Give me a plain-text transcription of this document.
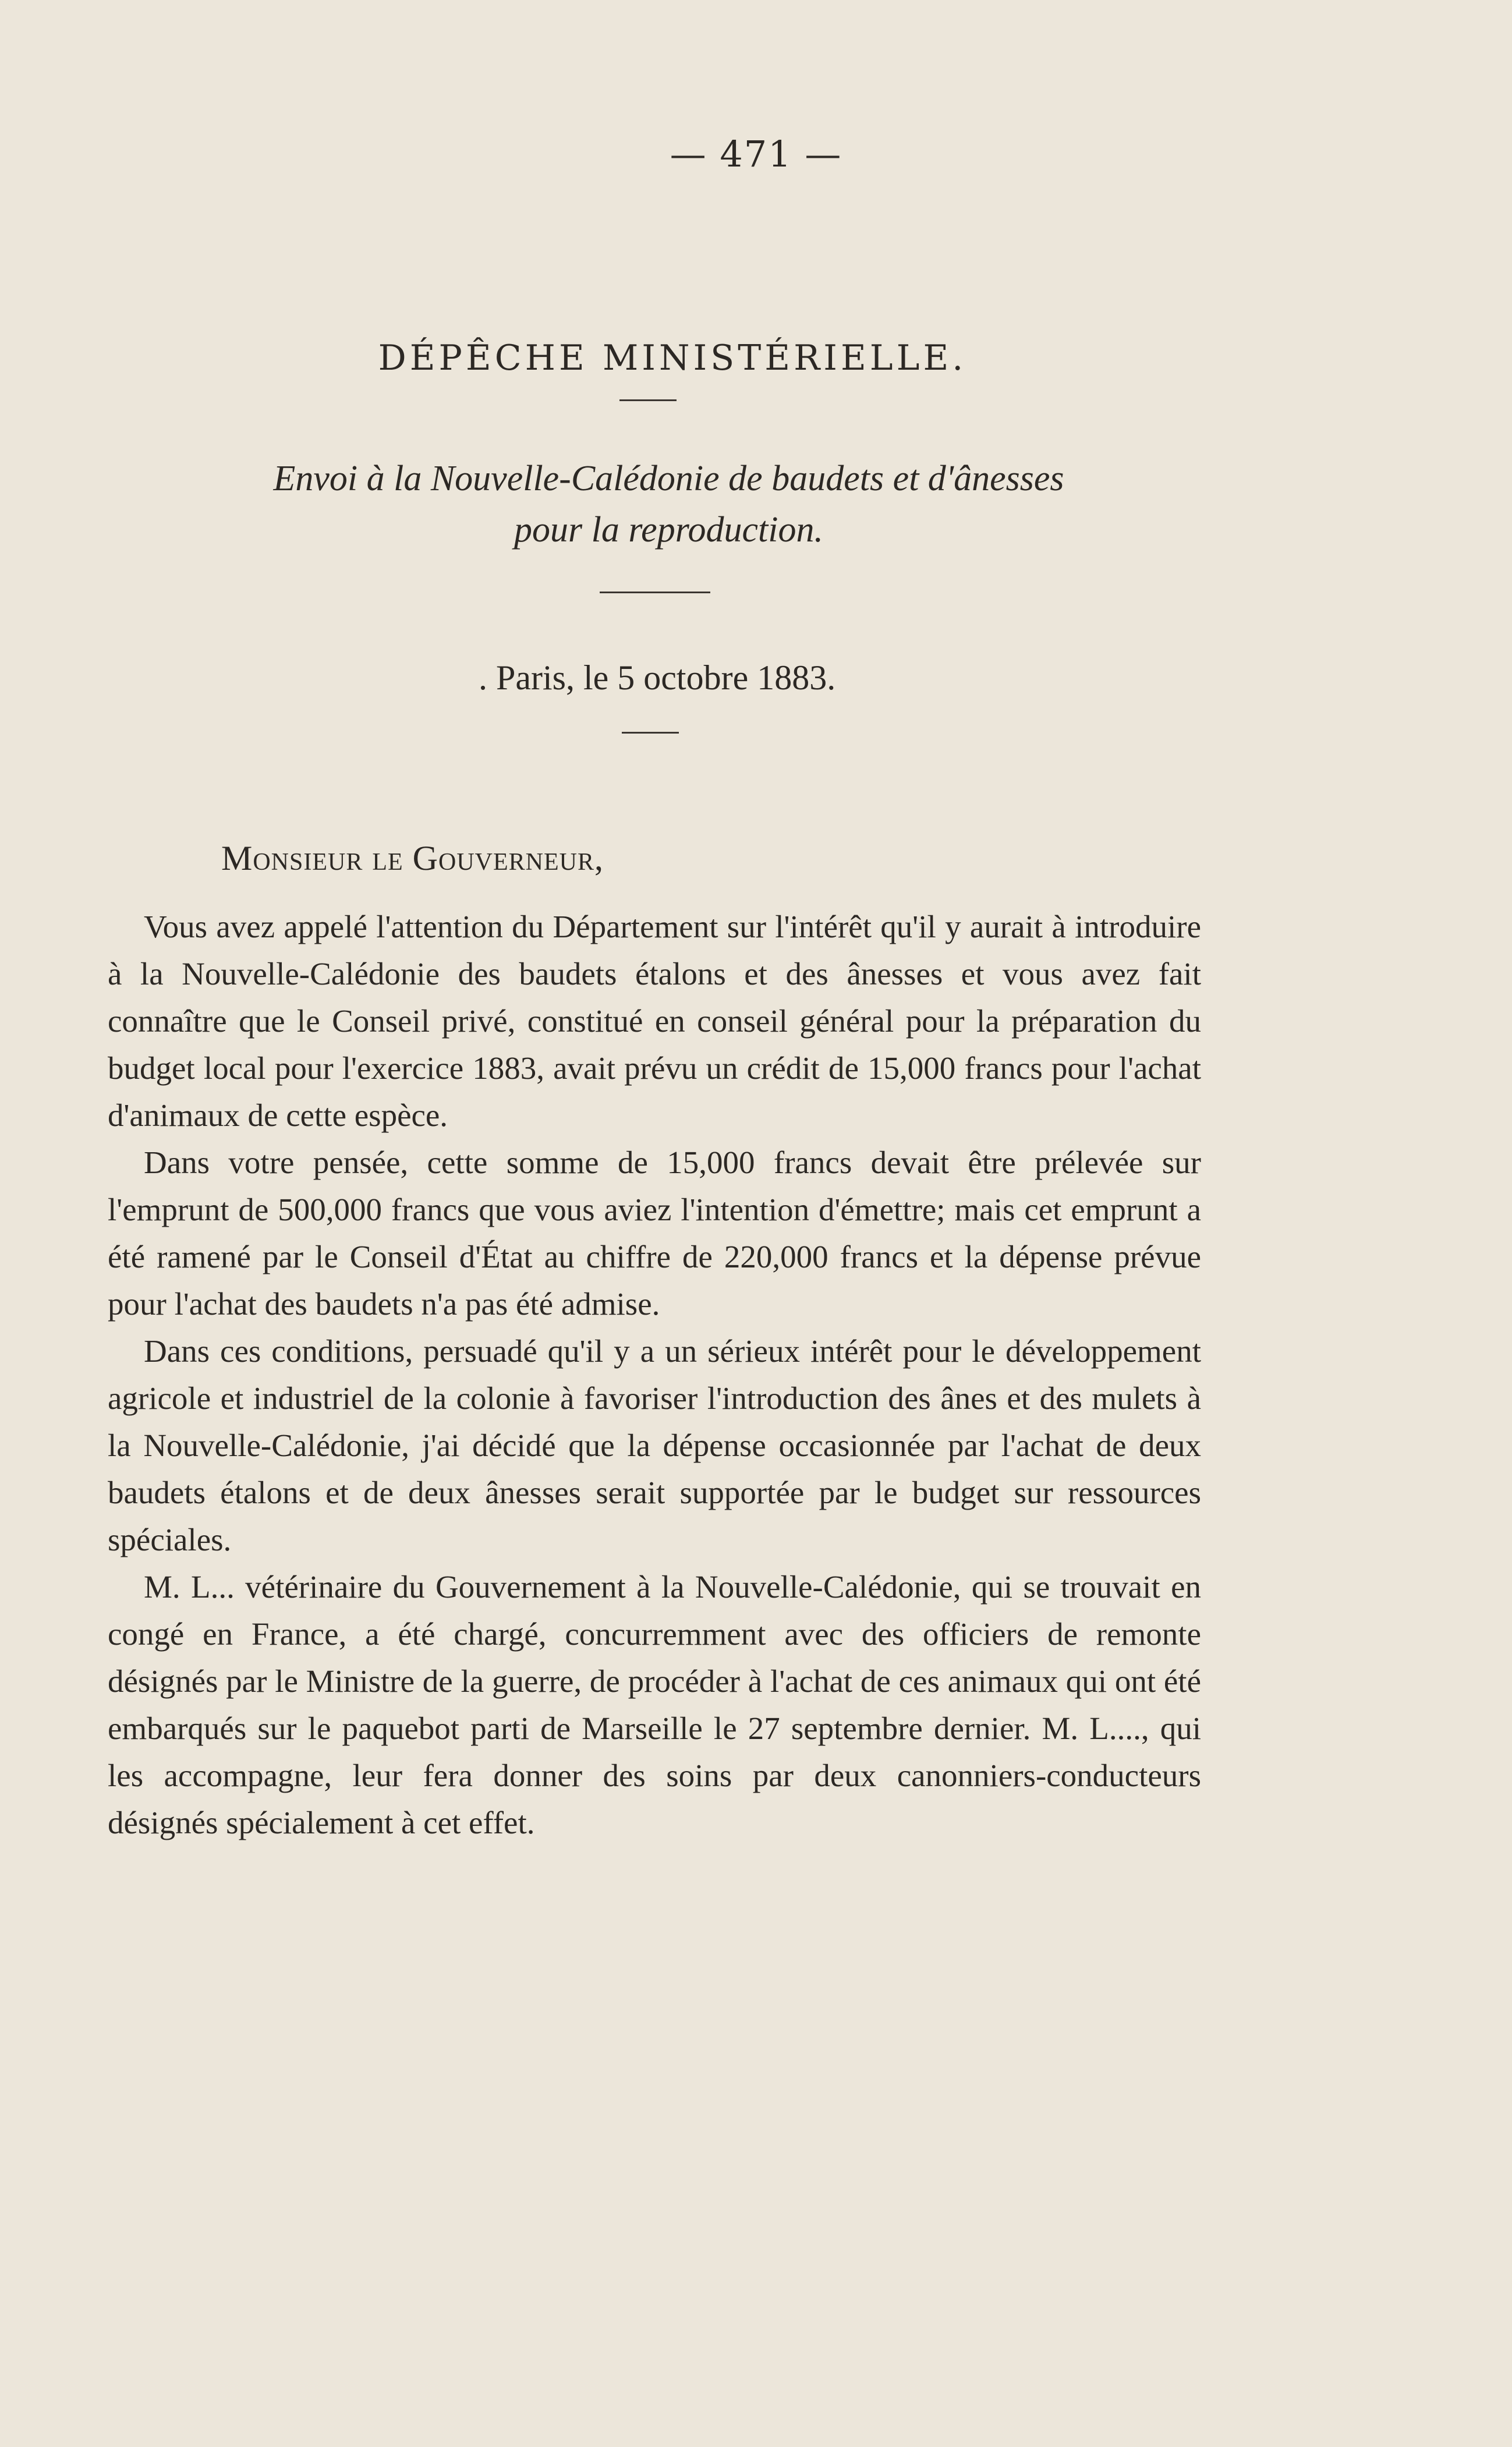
— 471 —
DÉPÊCHE MINISTÉRIELLE.
Envoi à la Nouvelle-Calédonie de baudets et d'ânesses
pour la reproduction.
. Paris, le 5 octobre 1883.
Monsieur le Gouverneur,

Vous avez appelé l'attention du Département sur l'intérêt qu'il y aurait à introduire à la Nouvelle-Calédonie des baudets étalons et des ânesses et vous avez fait connaître que le Conseil privé, constitué en conseil général pour la préparation du budget local pour l'exercice 1883, avait prévu un crédit de 15,000 francs pour l'achat d'animaux de cette espèce.

Dans votre pensée, cette somme de 15,000 francs devait être prélevée sur l'emprunt de 500,000 francs que vous aviez l'intention d'émettre; mais cet emprunt a été ramené par le Conseil d'État au chiffre de 220,000 francs et la dépense prévue pour l'achat des baudets n'a pas été admise.

Dans ces conditions, persuadé qu'il y a un sérieux intérêt pour le développement agricole et industriel de la colonie à favoriser l'introduction des ânes et des mulets à la Nouvelle-Calédonie, j'ai décidé que la dépense occasionnée par l'achat de deux baudets étalons et de deux ânesses serait supportée par le budget sur ressources spéciales.

M. L... vétérinaire du Gouvernement à la Nouvelle-Calédonie, qui se trouvait en congé en France, a été chargé, concurremment avec des officiers de remonte désignés par le Ministre de la guerre, de procéder à l'achat de ces animaux qui ont été embarqués sur le paquebot parti de Marseille le 27 septembre dernier. M. L...., qui les accompagne, leur fera donner des soins par deux canonniers-conducteurs désignés spécialement à cet effet.
